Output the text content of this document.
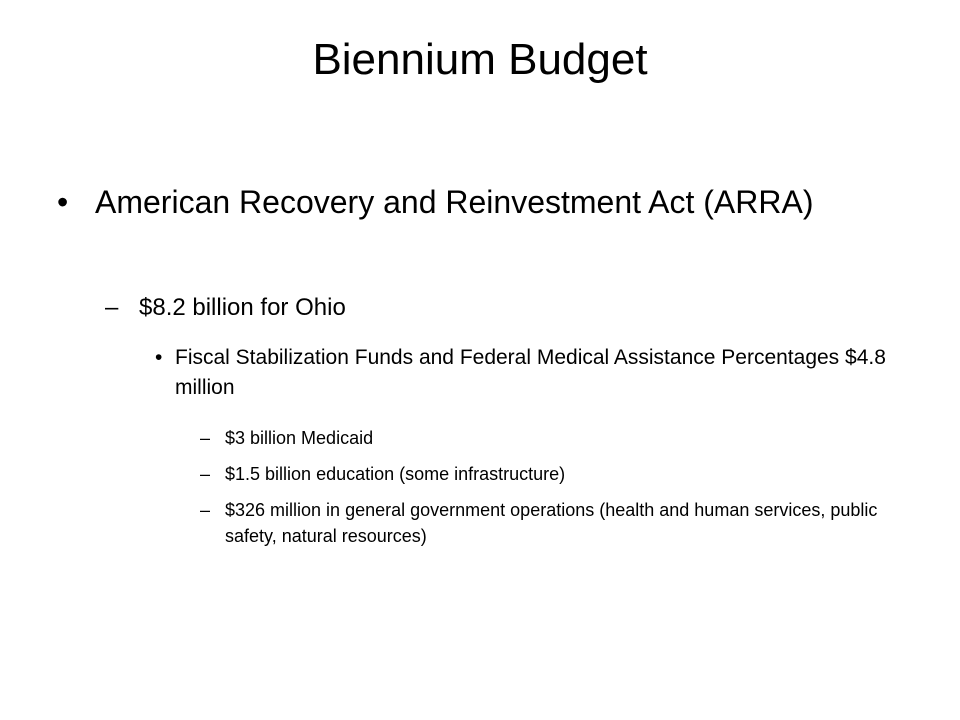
Biennium Budget
• American Recovery and Reinvestment Act (ARRA)
– $8.2 billion for Ohio
• Fiscal Stabilization Funds and Federal Medical Assistance Percentages $4.8 million
– $3 billion Medicaid
– $1.5 billion education (some infrastructure)
– $326 million in general government operations (health and human services, public safety, natural resources)
